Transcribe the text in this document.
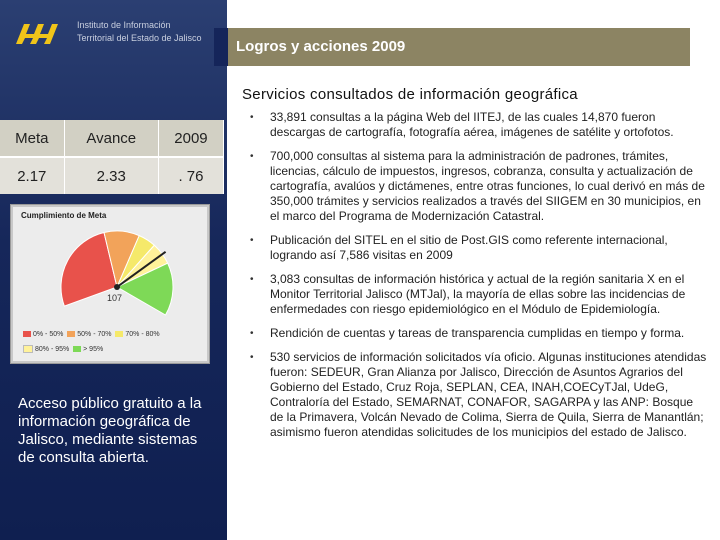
Instituto de Información
Territorial del Estado de Jalisco	Logros y acciones 2009
Servicios consultados de información geográfica
Meta	Avance	2009
2.17	2.33	. 76
Cumplimiento de Meta
107
0% - 50% 50% - 70% 70% - 80%
80% - 95% > 95%
Acceso público gratuito a la información geográfica de Jalisco, mediante sistemas de consulta abierta.
• 33,891 consultas a la página Web del IITEJ, de las cuales 14,870 fueron descargas de cartografía, fotografía aérea, imágenes de satélite y ortofotos.
• 700,000 consultas al sistema para la administración de padrones, trámites, licencias, cálculo de impuestos, ingresos, cobranza, consulta y actualización de cartografía, avalúos y dictámenes, entre otras funciones, lo cual derivó en más de 350,000 trámites y servicios realizados a través del SIIGEM en 30 municipios, en el marco del Programa de Modernización Catastral.
• Publicación del SITEL en el sitio de Post.GIS como referente internacional, logrando así 7,586 visitas en 2009
• 3,083 consultas de información histórica y actual de la región sanitaria X en el Monitor Territorial Jalisco (MTJal), la mayoría de ellas sobre las incidencias de enfermedades con riesgo epidemiológico en el Módulo de Epidemiología.
• Rendición de cuentas y tareas de transparencia cumplidas en tiempo y forma.
• 530 servicios de información solicitados vía oficio. Algunas instituciones atendidas fueron: SEDEUR, Gran Alianza por Jalisco, Dirección de Asuntos Agrarios del Gobierno del Estado, Cruz Roja, SEPLAN, CEA, INAH,COECyTJal, UdeG, Contraloría del Estado, SEMARNAT, CONAFOR, SAGARPA y las ANP: Bosque de la Primavera, Volcán Nevado de Colima, Sierra de Quila, Sierra de Manantlán; asimismo fueron atendidas solicitudes de los municipios del estado de Jalisco.
